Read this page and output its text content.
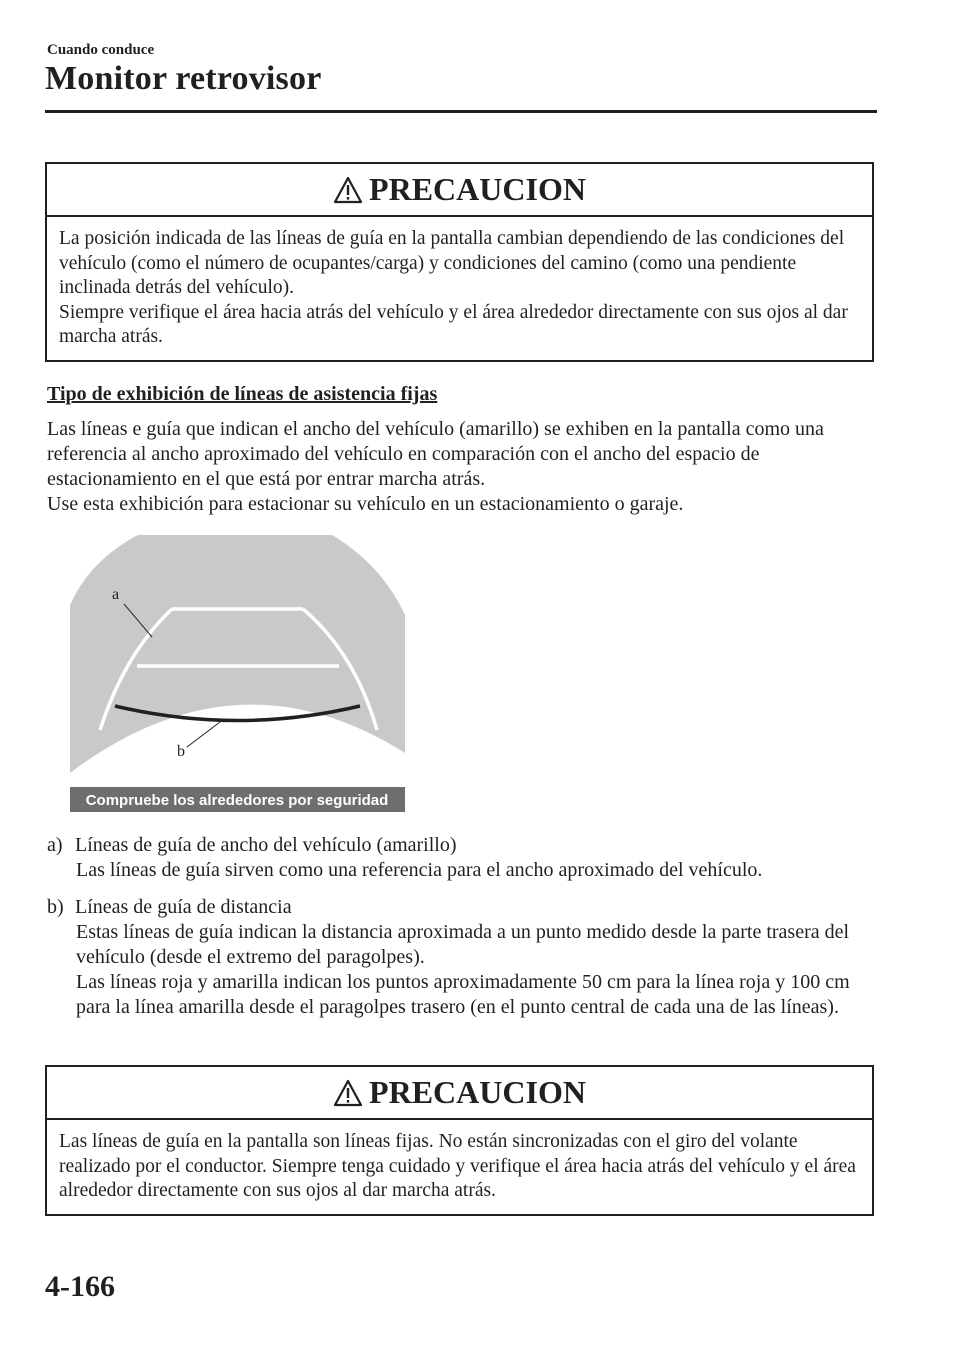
Cuando conduce
Monitor retrovisor
PRECAUCION

La posición indicada de las líneas de guía en la pantalla cambian dependiendo de las condiciones del vehículo (como el número de ocupantes/carga) y condiciones del camino (como una pendiente inclinada detrás del vehículo).

Siempre verifique el área hacia atrás del vehículo y el área alrededor directamente con sus ojos al dar marcha atrás.

Tipo de exhibición de líneas de asistencia fijas

Las líneas e guía que indican el ancho del vehículo (amarillo) se exhiben en la pantalla como una referencia al ancho aproximado del vehículo en comparación con el ancho del espacio de estacionamiento en el que está por entrar marcha atrás.

Use esta exhibición para estacionar su vehículo en un estacionamiento o garaje.

a
b
Compruebe los alrededores por seguridad
a) Líneas de guía de ancho del vehículo (amarillo)

Las líneas de guía sirven como una referencia para el ancho aproximado del vehículo.

b) Líneas de guía de distancia

Estas líneas de guía indican la distancia aproximada a un punto medido desde la parte trasera del vehículo (desde el extremo del paragolpes).

Las líneas roja y amarilla indican los puntos aproximadamente 50 cm para la línea roja y 100 cm para la línea amarilla desde el paragolpes trasero (en el punto central de cada una de las líneas).

PRECAUCION

Las líneas de guía en la pantalla son líneas fijas. No están sincronizadas con el giro del volante realizado por el conductor. Siempre tenga cuidado y verifique el área hacia atrás del vehículo y el área alrededor directamente con sus ojos al dar marcha atrás.

4-166
